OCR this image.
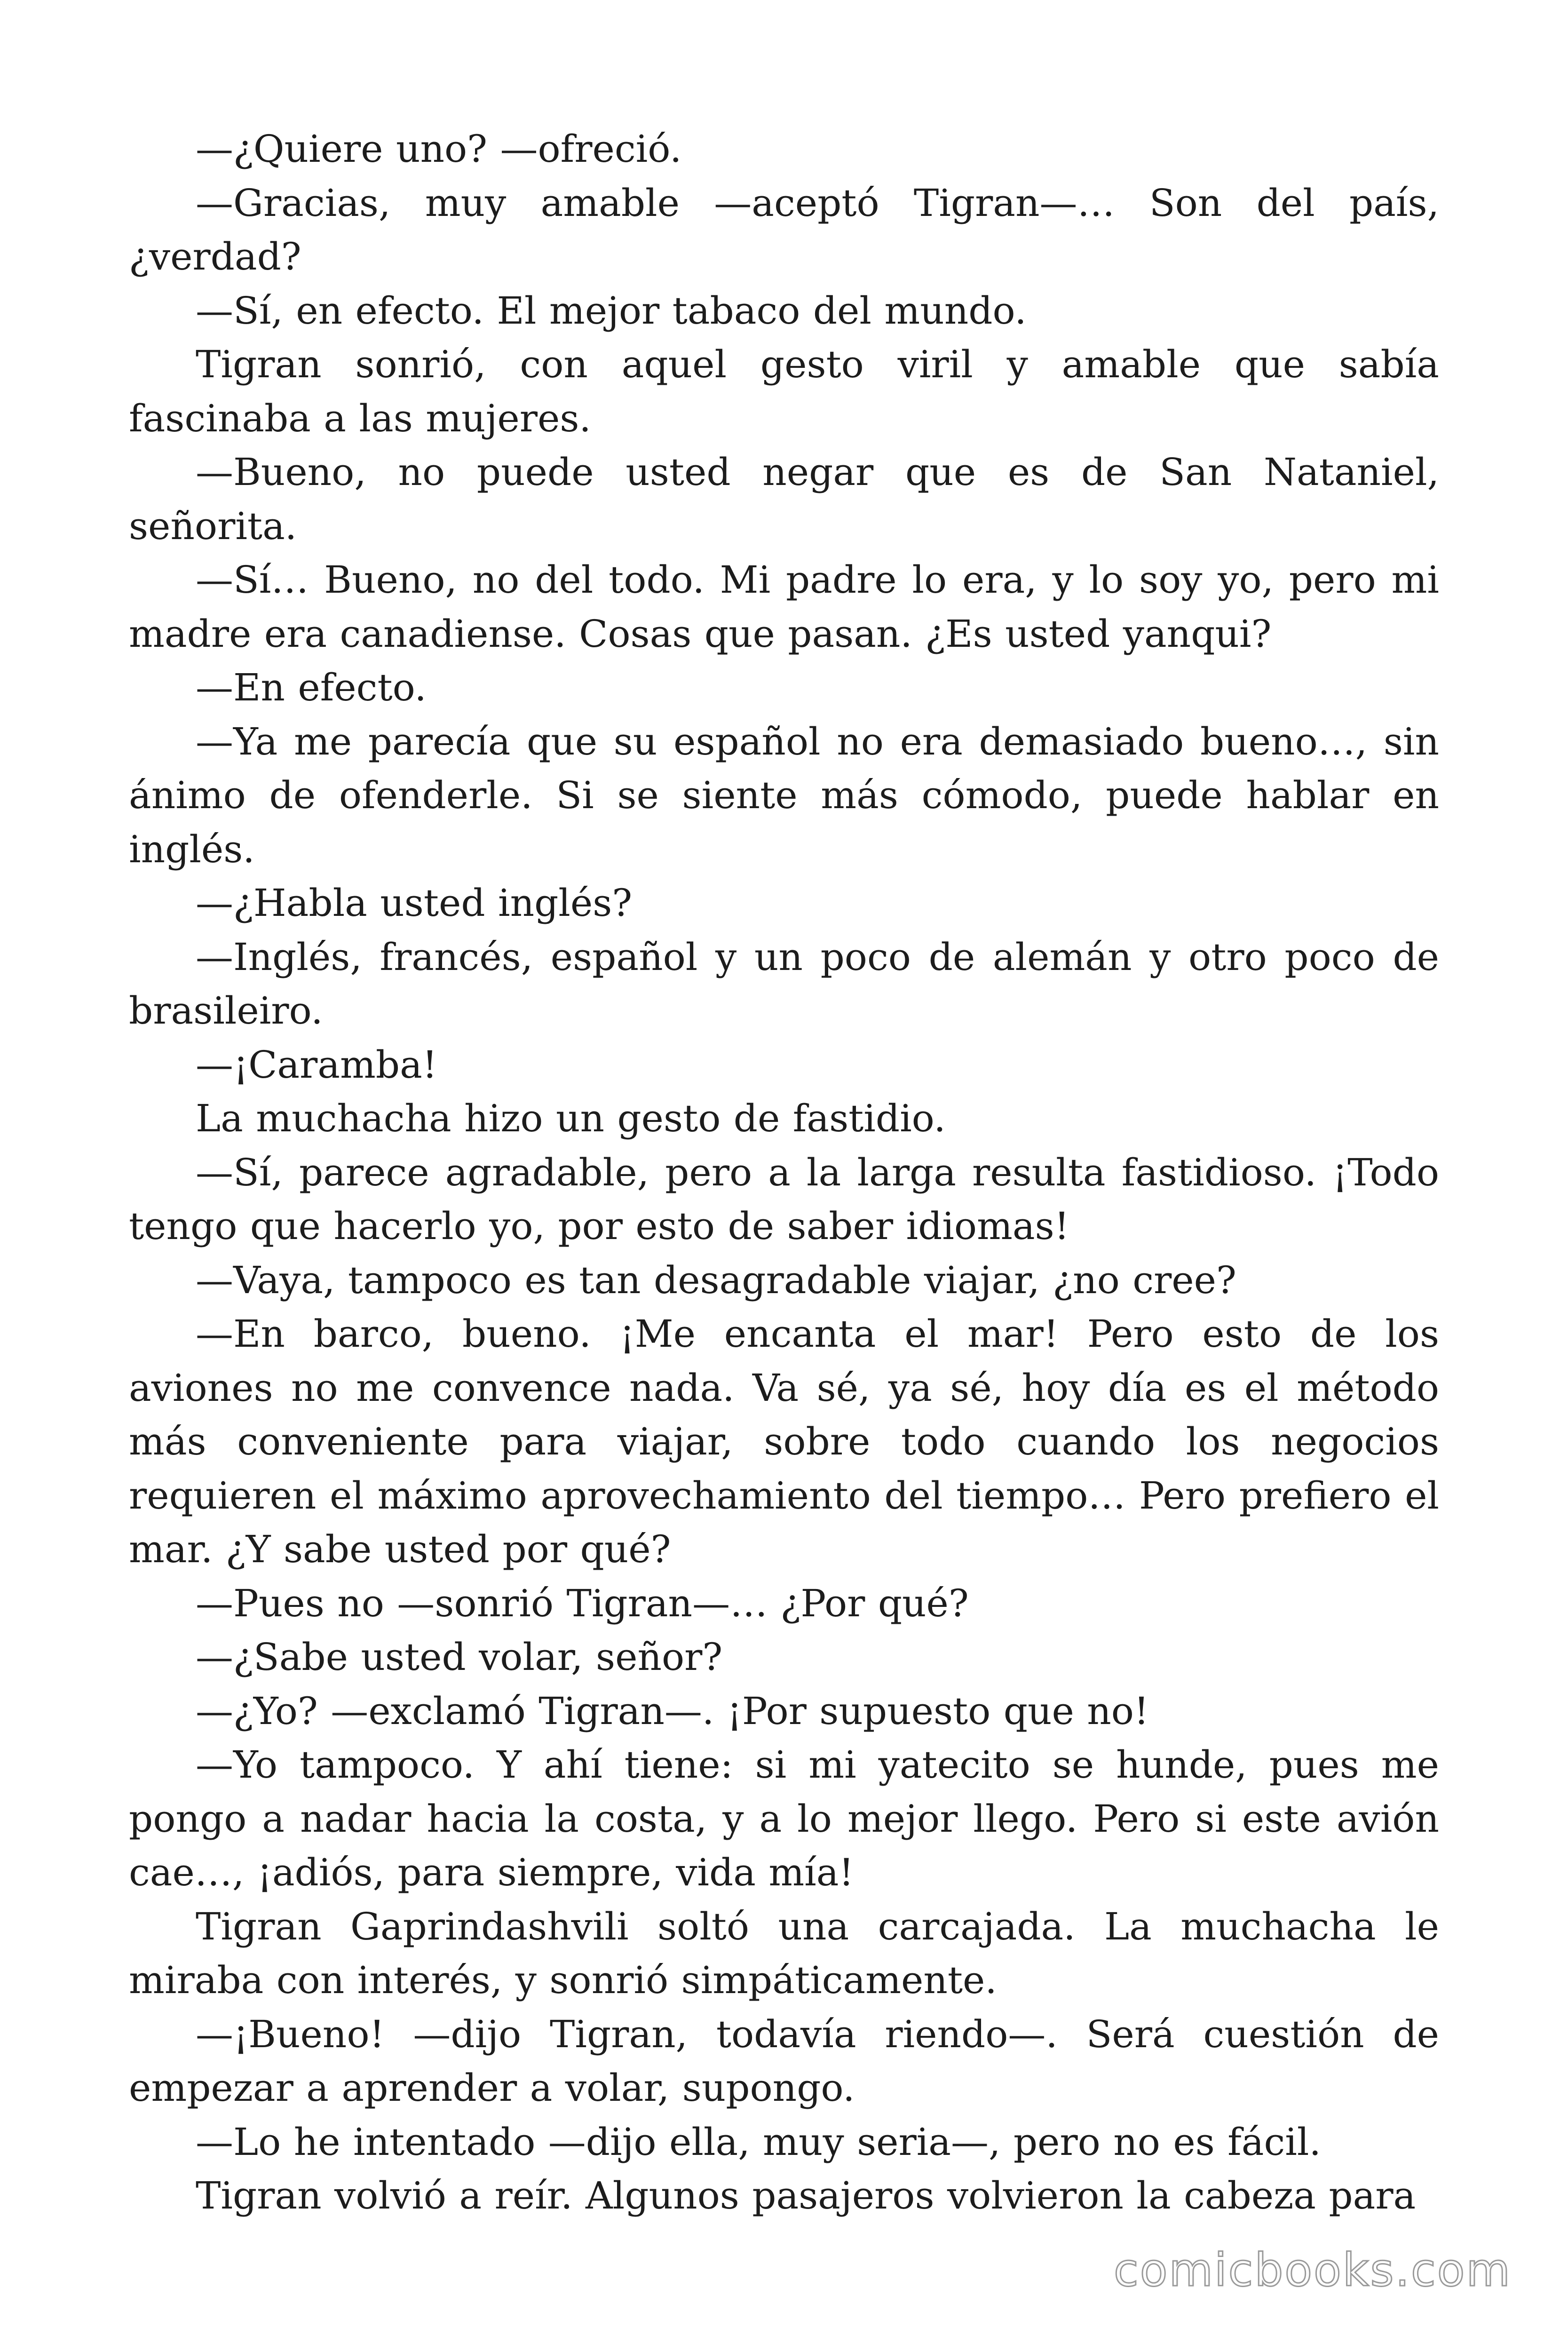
—¿Quiere uno? —ofreció.

—Gracias, muy amable —aceptó Tigran—… Son del país, ¿verdad?

—Sí, en efecto. El mejor tabaco del mundo.

Tigran sonrió, con aquel gesto viril y amable que sabía fascinaba a las mujeres.

—Bueno, no puede usted negar que es de San Nataniel, señorita.

—Sí… Bueno, no del todo. Mi padre lo era, y lo soy yo, pero mi madre era canadiense. Cosas que pasan. ¿Es usted yanqui?

—En efecto.

—Ya me parecía que su español no era demasiado bueno…, sin ánimo de ofenderle. Si se siente más cómodo, puede hablar en inglés.

—¿Habla usted inglés?

—Inglés, francés, español y un poco de alemán y otro poco de brasileiro.

—¡Caramba!

La muchacha hizo un gesto de fastidio.

—Sí, parece agradable, pero a la larga resulta fastidioso. ¡Todo tengo que hacerlo yo, por esto de saber idiomas!

—Vaya, tampoco es tan desagradable viajar, ¿no cree?

—En barco, bueno. ¡Me encanta el mar! Pero esto de los aviones no me convence nada. Va sé, ya sé, hoy día es el método más conveniente para viajar, sobre todo cuando los negocios requieren el máximo aprovechamiento del tiempo… Pero prefiero el mar. ¿Y sabe usted por qué?

—Pues no —sonrió Tigran—… ¿Por qué?

—¿Sabe usted volar, señor?

—¿Yo? —exclamó Tigran—. ¡Por supuesto que no!

—Yo tampoco. Y ahí tiene: si mi yatecito se hunde, pues me pongo a nadar hacia la costa, y a lo mejor llego. Pero si este avión cae…, ¡adiós, para siempre, vida mía!

Tigran Gaprindashvili soltó una carcajada. La muchacha le miraba con interés, y sonrió simpáticamente.

—¡Bueno! —dijo Tigran, todavía riendo—. Será cuestión de empezar a aprender a volar, supongo.

—Lo he intentado —dijo ella, muy seria—, pero no es fácil.

Tigran volvió a reír. Algunos pasajeros volvieron la cabeza para

comicbooks.com
